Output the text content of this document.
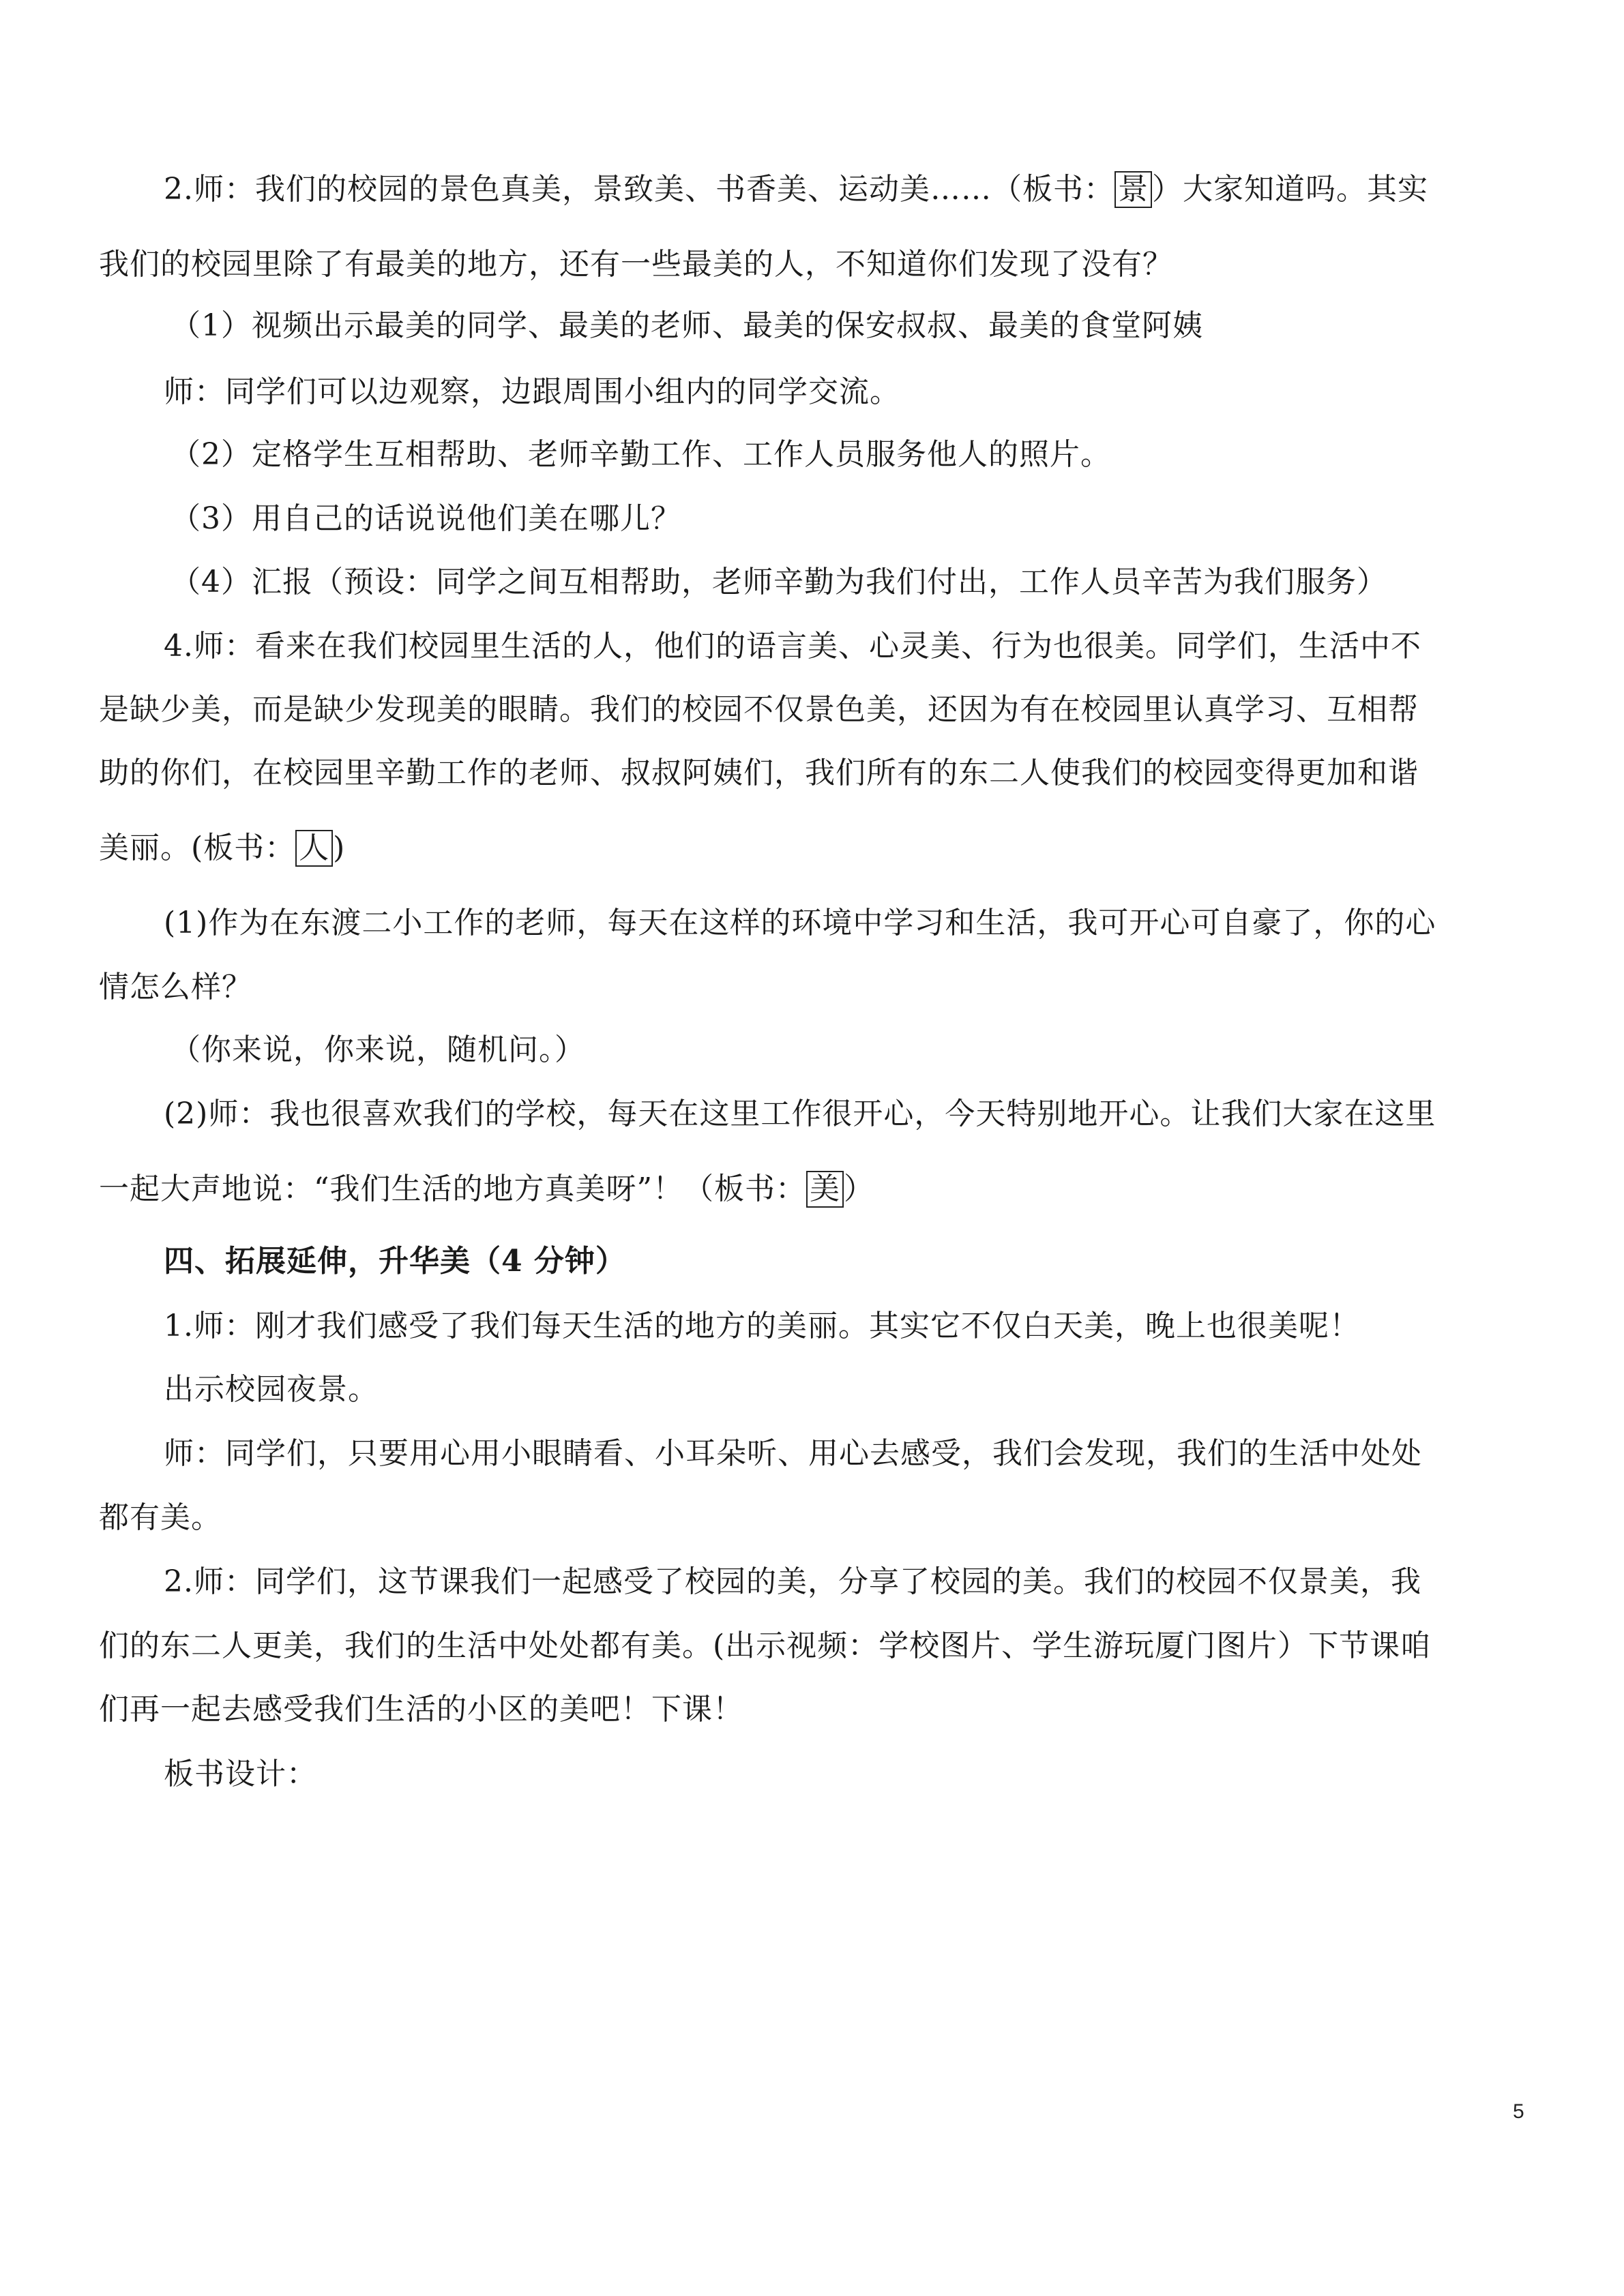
2.师：我们的校园的景色真美，景致美、书香美、运动美……（板书： 景 ）大家知道吗。其实
我们的校园里除了有最美的地方，还有一些最美的人，不知道你们发现了没有？
（1）视频出示最美的同学、最美的老师、最美的保安叔叔、最美的食堂阿姨
师：同学们可以边观察，边跟周围小组内的同学交流。
（2）定格学生互相帮助、老师辛勤工作、工作人员服务他人的照片。
（3）用自己的话说说他们美在哪儿？
（4）汇报（预设：同学之间互相帮助，老师辛勤为我们付出，工作人员辛苦为我们服务）
4.师：看来在我们校园里生活的人，他们的语言美、心灵美、行为也很美。同学们，生活中不
是缺少美，而是缺少发现美的眼睛。我们的校园不仅景色美，还因为有在校园里认真学习、互相帮
助的你们，在校园里辛勤工作的老师、叔叔阿姨们，我们所有的东二人使我们的校园变得更加和谐
美丽。(板书： 人 )
(1)作为在东渡二小工作的老师，每天在这样的环境中学习和生活，我可开心可自豪了，你的心
情怎么样？
（你来说，你来说，随机问。）
(2)师：我也很喜欢我们的学校，每天在这里工作很开心，今天特别地开心。让我们大家在这里
一起大声地说：“我们生活的地方真美呀”！（板书： 美 ）
四、拓展延伸，升华美（4 分钟）
1.师：刚才我们感受了我们每天生活的地方的美丽。其实它不仅白天美，晚上也很美呢！
出示校园夜景。
师：同学们，只要用心用小眼睛看、小耳朵听、用心去感受，我们会发现，我们的生活中处处
都有美。
2.师：同学们，这节课我们一起感受了校园的美，分享了校园的美。我们的校园不仅景美，我
们的东二人更美，我们的生活中处处都有美。(出示视频：学校图片、学生游玩厦门图片）下节课咱
们再一起去感受我们生活的小区的美吧！下课！
板书设计：
5
